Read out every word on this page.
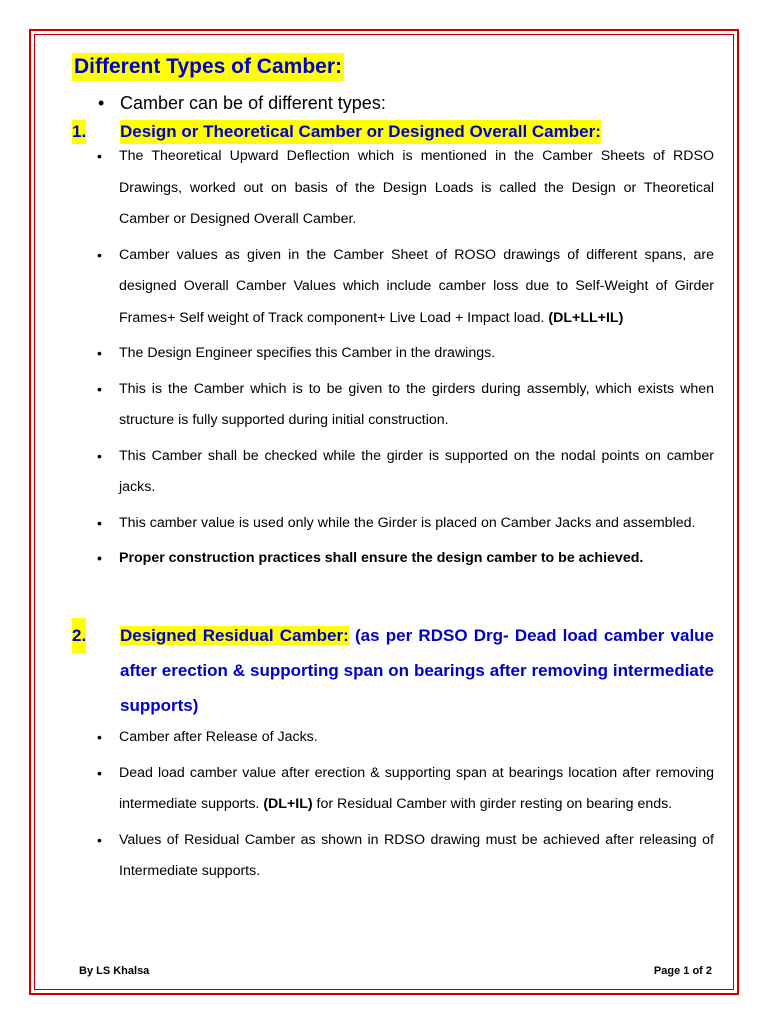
Different Types of Camber:
• Camber can be of different types:
1. Design or Theoretical Camber or Designed Overall Camber:
• The Theoretical Upward Deflection which is mentioned in the Camber Sheets of RDSO Drawings, worked out on basis of the Design Loads is called the Design or Theoretical Camber or Designed Overall Camber.
• Camber values as given in the Camber Sheet of ROSO drawings of different spans, are designed Overall Camber Values which include camber loss due to Self-Weight of Girder Frames+ Self weight of Track component+ Live Load + Impact load. (DL+LL+IL)
• The Design Engineer specifies this Camber in the drawings.
• This is the Camber which is to be given to the girders during assembly, which exists when structure is fully supported during initial construction.
• This Camber shall be checked while the girder is supported on the nodal points on camber jacks.
• This camber value is used only while the Girder is placed on Camber Jacks and assembled.
• Proper construction practices shall ensure the design camber to be achieved.
2. Designed Residual Camber: (as per RDSO Drg- Dead load camber value after erection & supporting span on bearings after removing intermediate supports)
• Camber after Release of Jacks.
• Dead load camber value after erection & supporting span at bearings location after removing intermediate supports. (DL+IL) for Residual Camber with girder resting on bearing ends.
• Values of Residual Camber as shown in RDSO drawing must be achieved after releasing of Intermediate supports.
By LS Khalsa	Page 1 of 2
